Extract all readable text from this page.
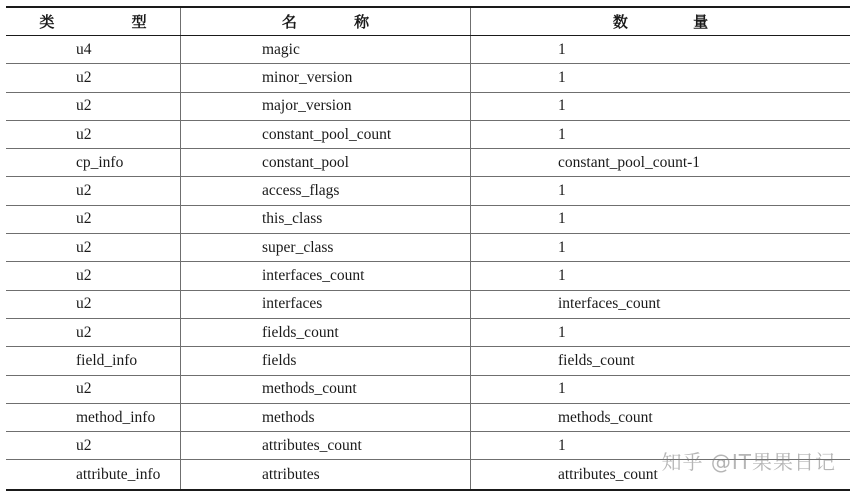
类 型	名 称	数 量
u4	magic	1
u2	minor_version	1
u2	major_version	1
u2	constant_pool_count	1
cp_info	constant_pool	constant_pool_count-1
u2	access_flags	1
u2	this_class	1
u2	super_class	1
u2	interfaces_count	1
u2	interfaces	interfaces_count
u2	fields_count	1
field_info	fields	fields_count
u2	methods_count	1
method_info	methods	methods_count
u2	attributes_count	1
attribute_info	attributes	attributes_count
知乎 @IT果果日记
